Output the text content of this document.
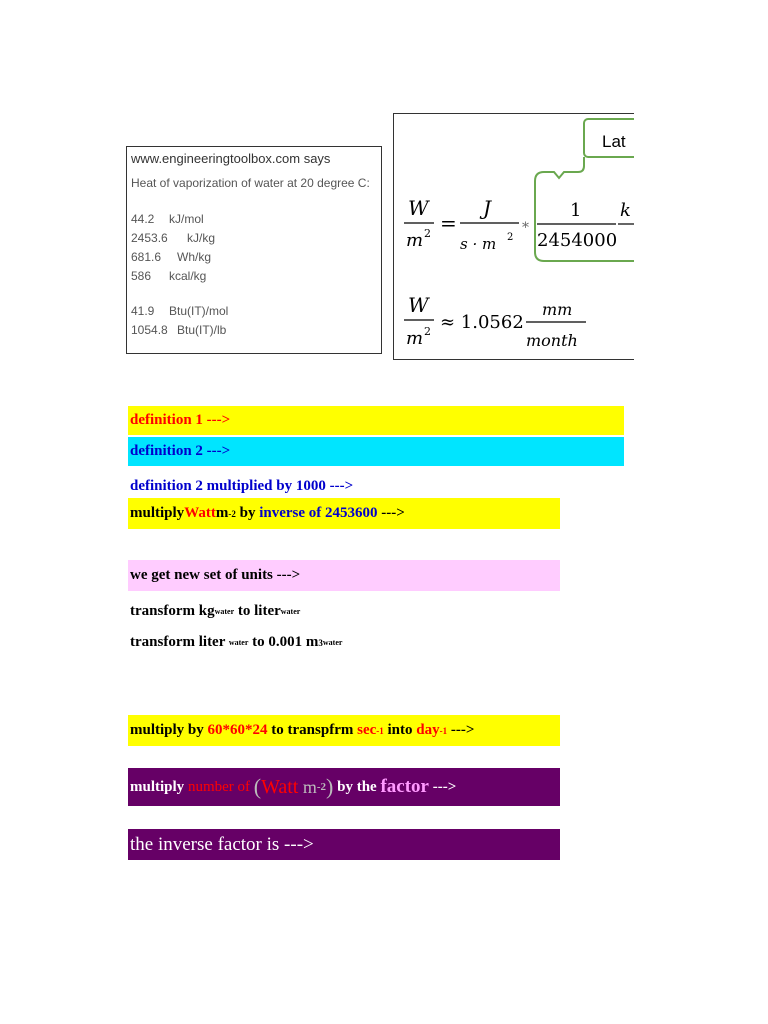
www.engineeringtoolbox.com says
Heat of vaporization of water at 20 degree C:
44.2 kJ/mol
2453.6 kJ/kg
681.6 Wh/kg
586 kcal/kg
41.9 Btu(IT)/mol
1054.8 Btu(IT)/lb
Lat
W
m 2 =
J
s · m 2
*
1
2454000
k
W
m 2 ≈ 1.0562
mm
month
definition 1 --->
definition 2 --->
definition 2 multiplied by 1000 --->
multiply Watt m -2 by inverse of 2453600 --->
we get new set of units --->
transform kg water to liter water
transform liter water to 0.001 m 3 water
multiply by 60*60*24 to transpfrm sec -1 into day -1 --->
multiply number of ( Watt m -2 ) by the factor --->
the inverse factor is --->
